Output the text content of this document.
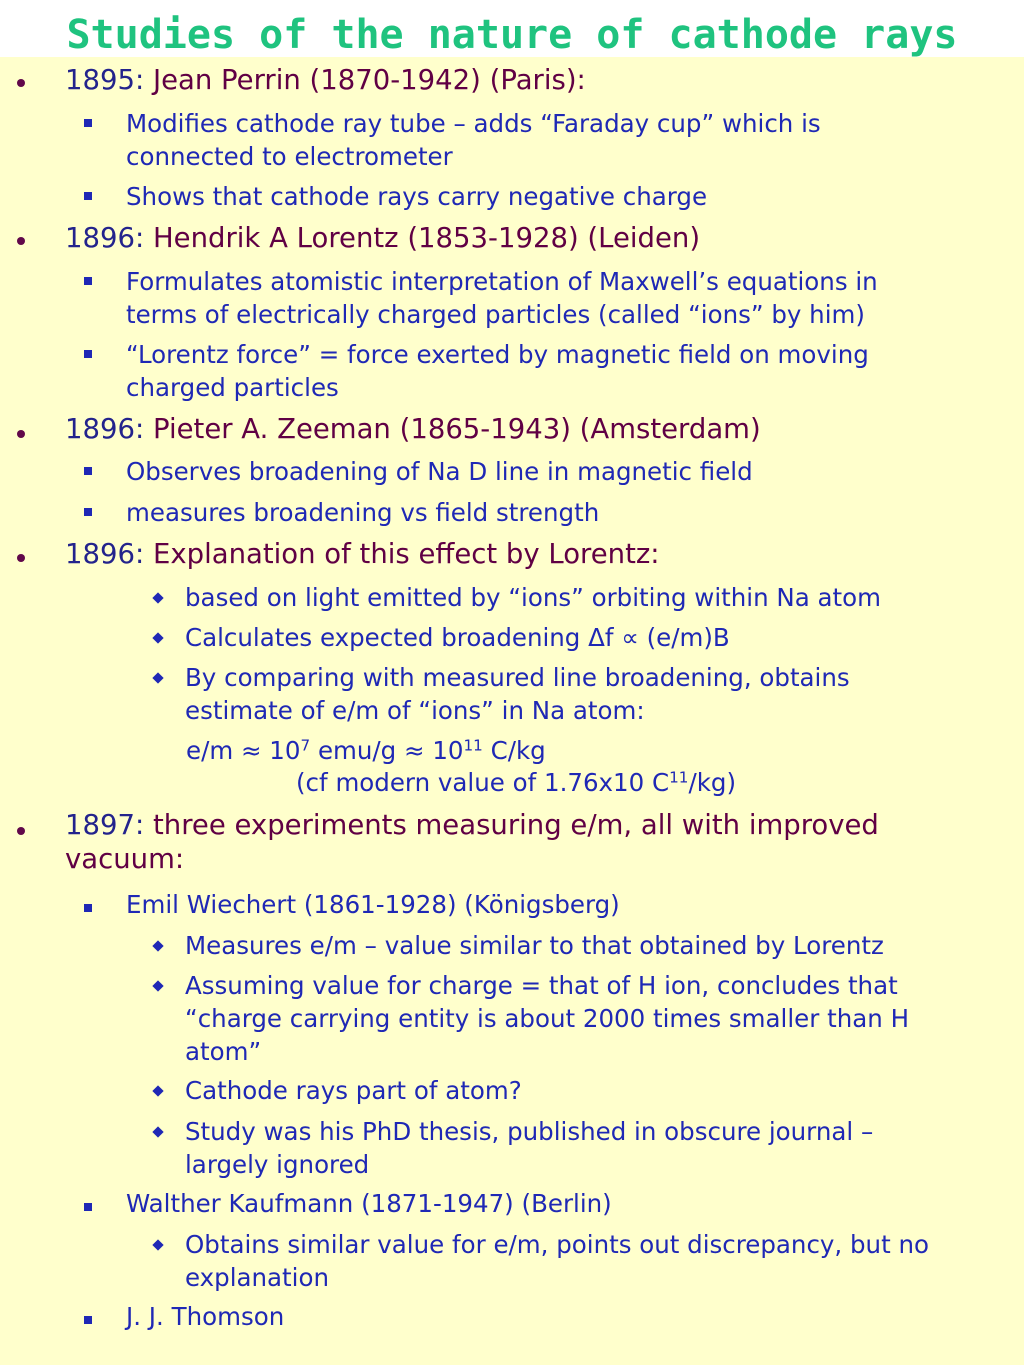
Studies of the nature of cathode rays
1895: Jean Perrin (1870-1942) (Paris):
Modifies cathode ray tube – adds “Faraday cup” which is
connected to electrometer
Shows that cathode rays carry negative charge
1896: Hendrik A Lorentz (1853-1928) (Leiden)
Formulates atomistic interpretation of Maxwell’s equations in
terms of electrically charged particles (called “ions” by him)
“Lorentz force” = force exerted by magnetic field on moving
charged particles
1896: Pieter A. Zeeman (1865-1943) (Amsterdam)
Observes broadening of Na D line in magnetic field
measures broadening vs field strength
1896: Explanation of this effect by Lorentz:
based on light emitted by “ions” orbiting within Na atom
Calculates expected broadening Δf ∝ (e/m)B
By comparing with measured line broadening, obtains
estimate of e/m of “ions” in Na atom:
$e/m \approx 10^7$ $emu/g \approx 10^{11}$ C/kg
(cf modern value of 1.76x10 $C^{11}/kg$)
1897: three experiments measuring e/m, all with improved
vacuum:
Emil Wiechert (1861-1928) (Königsberg)
Measures e/m – value similar to that obtained by Lorentz
Assuming value for charge = that of H ion, concludes that
“charge carrying entity is about 2000 times smaller than H
atom”
Cathode rays part of atom?
Study was his PhD thesis, published in obscure journal –
largely ignored
Walther Kaufmann (1871-1947) (Berlin)
Obtains similar value for e/m, points out discrepancy, but no
explanation
J. J. Thomson
